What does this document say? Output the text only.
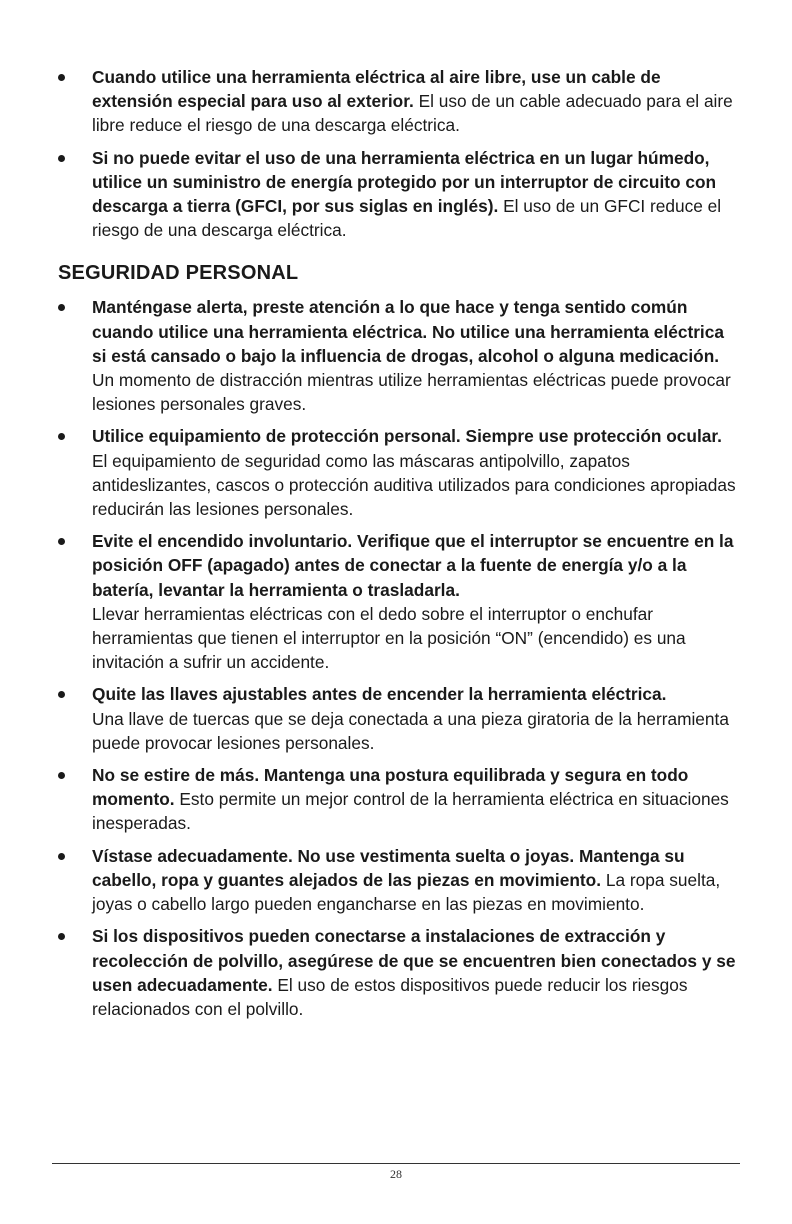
Cuando utilice una herramienta eléctrica al aire libre, use un cable de extensión especial para uso al exterior. El uso de un cable adecuado para el aire libre reduce el riesgo de una descarga eléctrica.
Si no puede evitar el uso de una herramienta eléctrica en un lugar húmedo, utilice un suministro de energía protegido por un interruptor de circuito con descarga a tierra (GFCI, por sus siglas en inglés). El uso de un GFCI reduce el riesgo de una descarga eléctrica.
SEGURIDAD PERSONAL
Manténgase alerta, preste atención a lo que hace y tenga sentido común cuando utilice una herramienta eléctrica. No utilice una herramienta eléctrica si está cansado o bajo la influencia de drogas, alcohol o alguna medicación. Un momento de distracción mientras utilize herramientas eléctricas puede provocar lesiones personales graves.
Utilice equipamiento de protección personal. Siempre use protección ocular. El equipamiento de seguridad como las máscaras antipolvillo, zapatos antideslizantes, cascos o protección auditiva utilizados para condiciones apropiadas reducirán las lesiones personales.
Evite el encendido involuntario. Verifique que el interruptor se encuentre en la posición OFF (apagado) antes de conectar a la fuente de energía y/o a la batería, levantar la herramienta o trasladarla.
Llevar herramientas eléctricas con el dedo sobre el interruptor o enchufar herramientas que tienen el interruptor en la posición “ON” (encendido) es una invitación a sufrir un accidente.
Quite las llaves ajustables antes de encender la herramienta eléctrica.
Una llave de tuercas que se deja conectada a una pieza giratoria de la herramienta puede provocar lesiones personales.
No se estire de más. Mantenga una postura equilibrada y segura en todo momento. Esto permite un mejor control de la herramienta eléctrica en situaciones inesperadas.
Vístase adecuadamente. No use vestimenta suelta o joyas. Mantenga su cabello, ropa y guantes alejados de las piezas en movimiento. La ropa suelta, joyas o cabello largo pueden engancharse en las piezas en movimiento.
Si los dispositivos pueden conectarse a instalaciones de extracción y recolección de polvillo, asegúrese de que se encuentren bien conectados y se usen adecuadamente. El uso de estos dispositivos puede reducir los riesgos relacionados con el polvillo.
28
